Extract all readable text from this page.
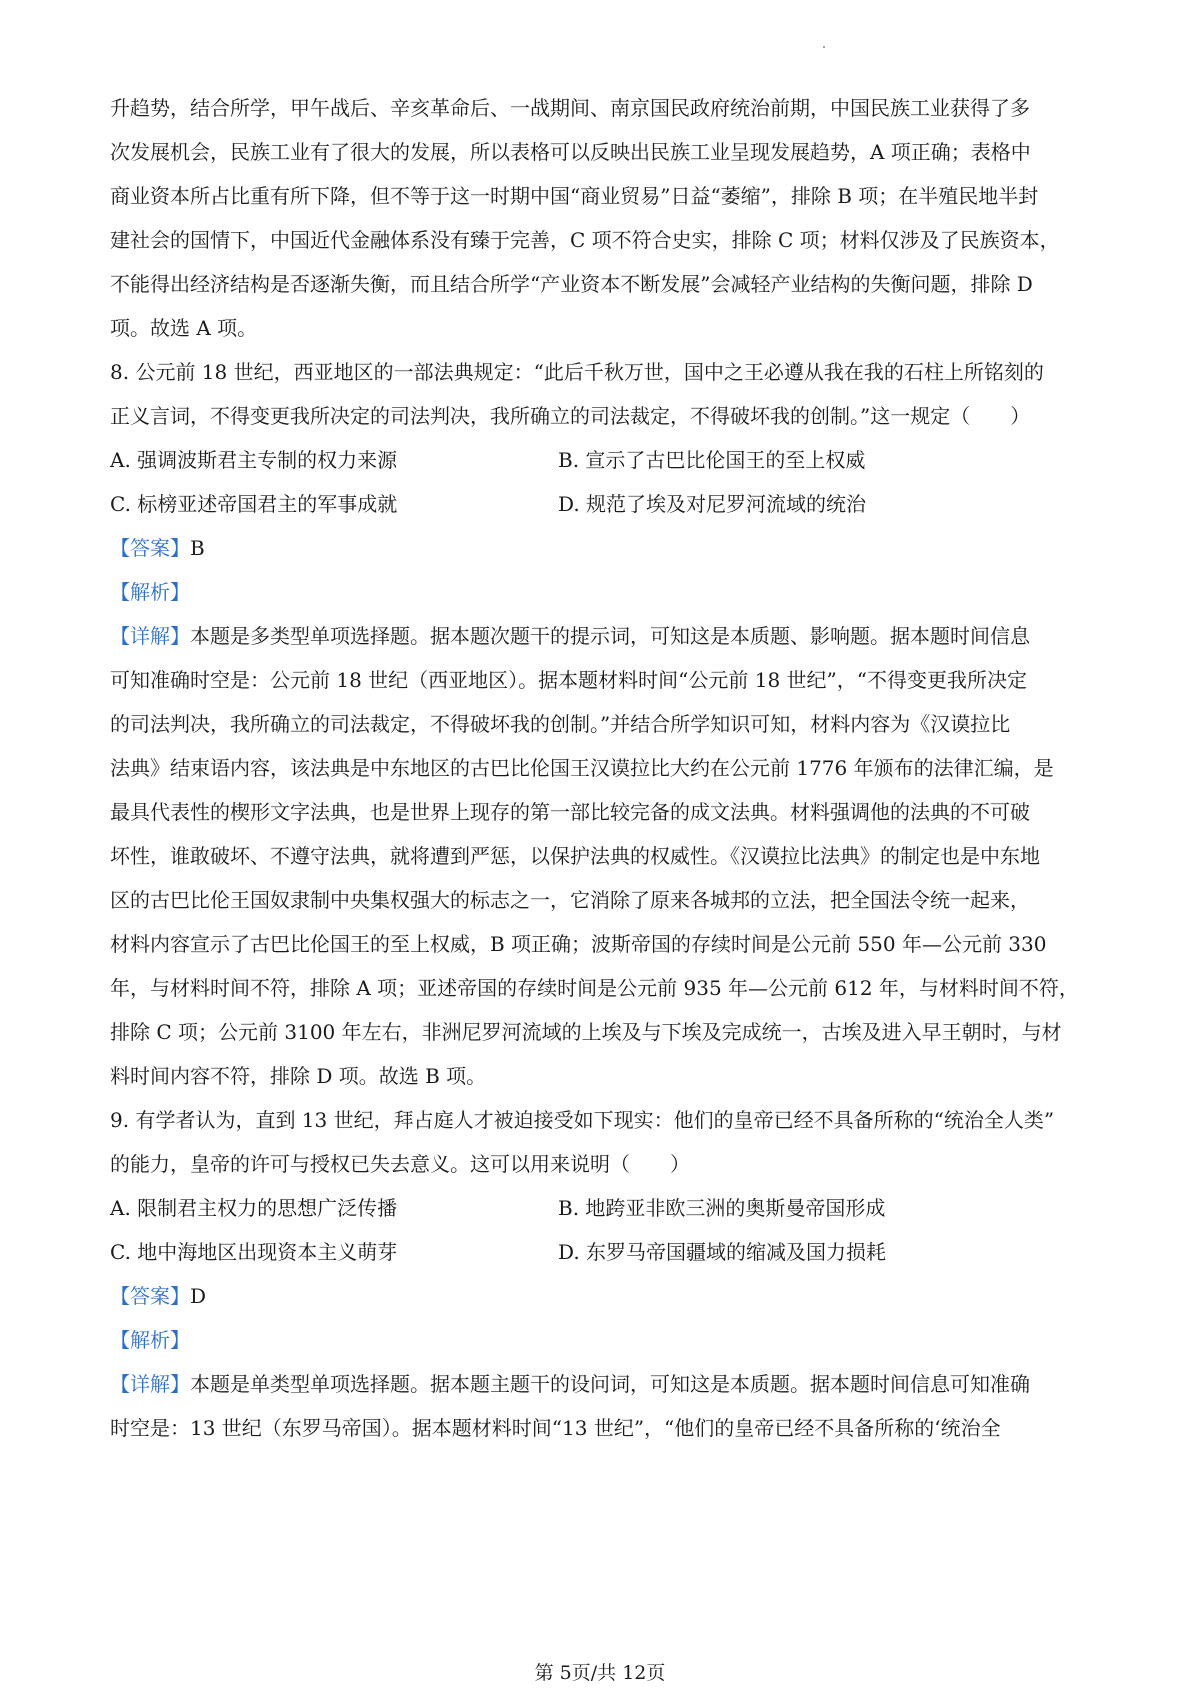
升趋势，结合所学，甲午战后、辛亥革命后、一战期间、南京国民政府统治前期，中国民族工业获得了多
次发展机会，民族工业有了很大的发展，所以表格可以反映出民族工业呈现发展趋势，A 项正确；表格中
商业资本所占比重有所下降，但不等于这一时期中国“商业贸易”日益“萎缩”，排除 B 项；在半殖民地半封
建社会的国情下，中国近代金融体系没有臻于完善，C 项不符合史实，排除 C 项；材料仅涉及了民族资本，
不能得出经济结构是否逐渐失衡，而且结合所学“产业资本不断发展”会减轻产业结构的失衡问题，排除 D
项。故选 A 项。
8. 公元前 18 世纪，西亚地区的一部法典规定：“此后千秋万世，国中之王必遵从我在我的石柱上所铭刻的
正义言词，不得变更我所决定的司法判决，我所确立的司法裁定，不得破坏我的创制。”这一规定（　　）
A. 强调波斯君主专制的权力来源	B. 宣示了古巴比伦国王的至上权威
C. 标榜亚述帝国君主的军事成就	D. 规范了埃及对尼罗河流域的统治
【答案】B
【解析】
【详解】本题是多类型单项选择题。据本题次题干的提示词，可知这是本质题、影响题。据本题时间信息
可知准确时空是：公元前 18 世纪（西亚地区）。据本题材料时间“公元前 18 世纪”，“不得变更我所决定
的司法判决，我所确立的司法裁定，不得破坏我的创制。”并结合所学知识可知，材料内容为《汉谟拉比
法典》结束语内容，该法典是中东地区的古巴比伦国王汉谟拉比大约在公元前 1776 年颁布的法律汇编，是
最具代表性的楔形文字法典，也是世界上现存的第一部比较完备的成文法典。材料强调他的法典的不可破
坏性，谁敢破坏、不遵守法典，就将遭到严惩，以保护法典的权威性。《汉谟拉比法典》的制定也是中东地
区的古巴比伦王国奴隶制中央集权强大的标志之一，它消除了原来各城邦的立法，把全国法令统一起来，
材料内容宣示了古巴比伦国王的至上权威，B 项正确；波斯帝国的存续时间是公元前 550 年—公元前 330
年，与材料时间不符，排除 A 项；亚述帝国的存续时间是公元前 935 年—公元前 612 年，与材料时间不符，
排除 C 项；公元前 3100 年左右，非洲尼罗河流域的上埃及与下埃及完成统一，古埃及进入早王朝时，与材
料时间内容不符，排除 D 项。故选 B 项。
9. 有学者认为，直到 13 世纪，拜占庭人才被迫接受如下现实：他们的皇帝已经不具备所称的“统治全人类”
的能力，皇帝的许可与授权已失去意义。这可以用来说明（　　）
A. 限制君主权力的思想广泛传播	B. 地跨亚非欧三洲的奥斯曼帝国形成
C. 地中海地区出现资本主义萌芽	D. 东罗马帝国疆域的缩减及国力损耗
【答案】D
【解析】
【详解】本题是单类型单项选择题。据本题主题干的设问词，可知这是本质题。据本题时间信息可知准确
时空是：13 世纪（东罗马帝国）。据本题材料时间“13 世纪”，“他们的皇帝已经不具备所称的‘统治全
第 5页/共 12页
